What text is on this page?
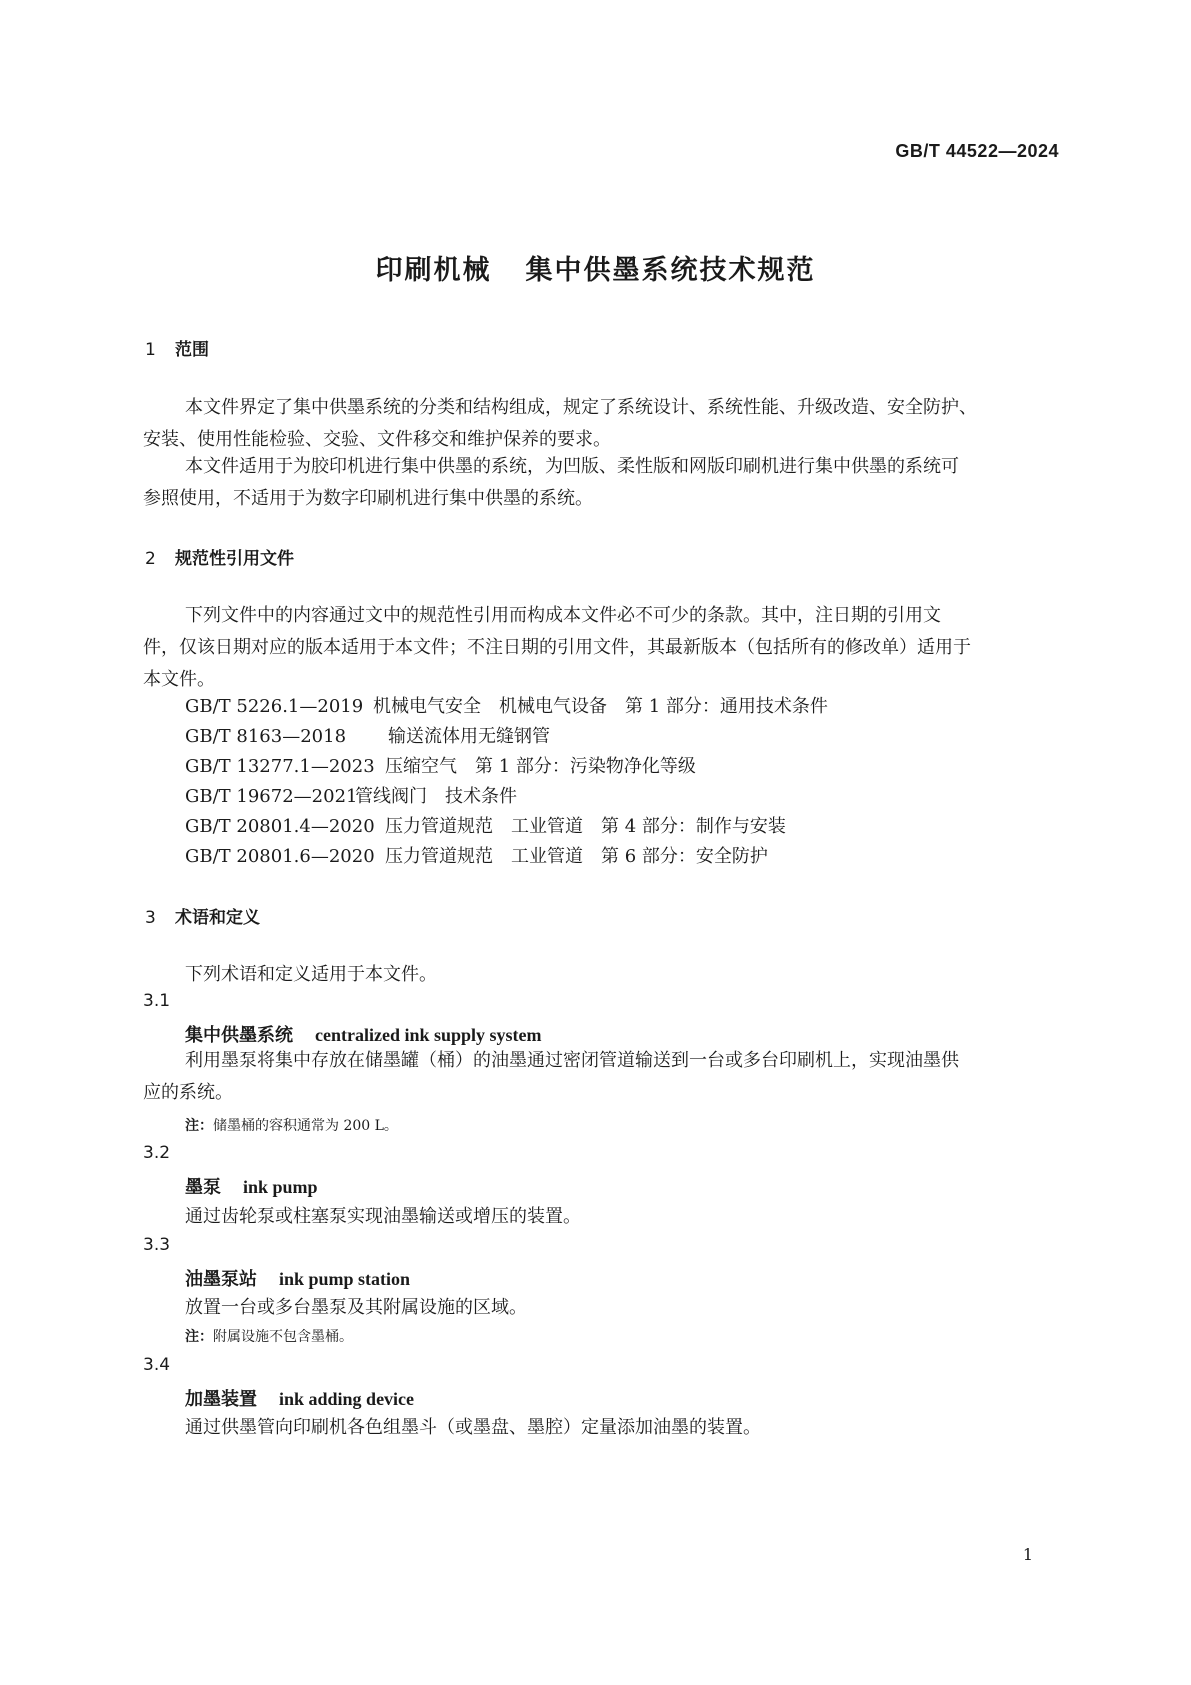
GB/T 44522—2024
印刷机械 集中供墨系统技术规范
1 范围
本文件界定了集中供墨系统的分类和结构组成，规定了系统设计、系统性能、升级改造、安全防护、
安装、使用性能检验、交验、文件移交和维护保养的要求。
本文件适用于为胶印机进行集中供墨的系统，为凹版、柔性版和网版印刷机进行集中供墨的系统可
参照使用，不适用于为数字印刷机进行集中供墨的系统。
2 规范性引用文件
下列文件中的内容通过文中的规范性引用而构成本文件必不可少的条款。其中，注日期的引用文
件，仅该日期对应的版本适用于本文件；不注日期的引用文件，其最新版本（包括所有的修改单）适用于
本文件。
GB/T 5226.1—2019 机械电气安全　机械电气设备　第 1 部分：通用技术条件
GB/T 8163—2018 输送流体用无缝钢管
GB/T 13277.1—2023 压缩空气　第 1 部分：污染物净化等级
GB/T 19672—2021管线阀门　技术条件
GB/T 20801.4—2020 压力管道规范　工业管道　第 4 部分：制作与安装
GB/T 20801.6—2020 压力管道规范　工业管道　第 6 部分：安全防护
3 术语和定义
下列术语和定义适用于本文件。
3.1
集中供墨系统 centralized ink supply system
利用墨泵将集中存放在储墨罐（桶）的油墨通过密闭管道输送到一台或多台印刷机上，实现油墨供
应的系统。
注：储墨桶的容积通常为 200 L。
3.2
墨泵 ink pump
通过齿轮泵或柱塞泵实现油墨输送或增压的装置。
3.3
油墨泵站 ink pump station
放置一台或多台墨泵及其附属设施的区域。
注：附属设施不包含墨桶。
3.4
加墨装置 ink adding device
通过供墨管向印刷机各色组墨斗（或墨盘、墨腔）定量添加油墨的装置。
1
